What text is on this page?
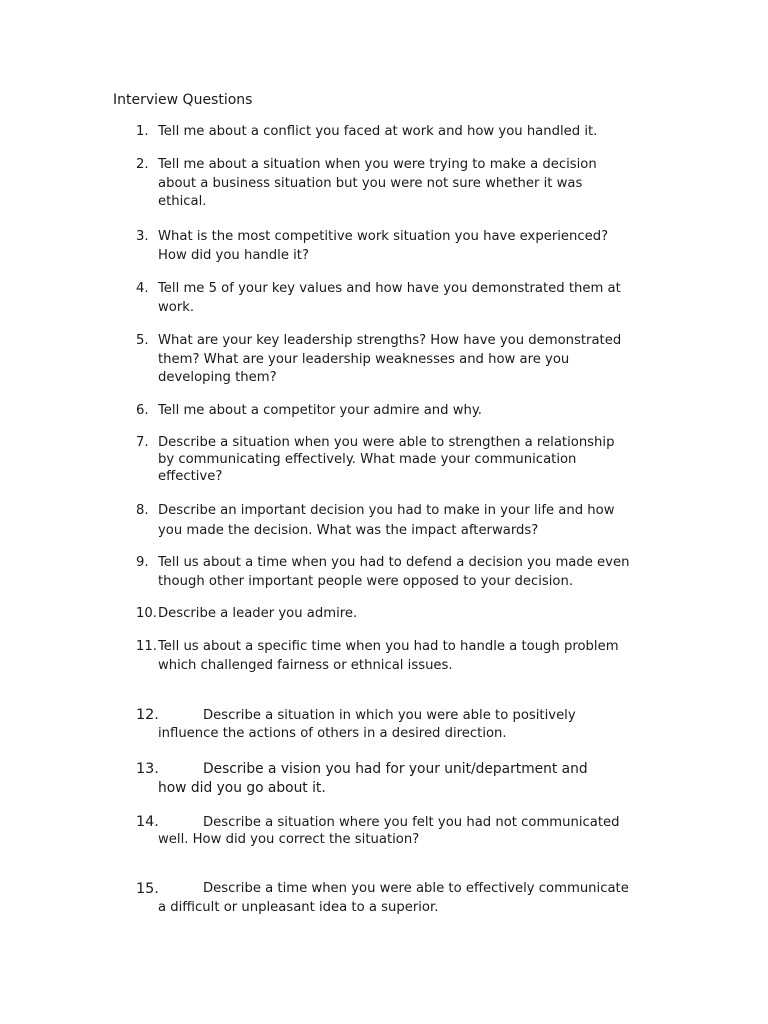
Interview Questions
1. Tell me about a conflict you faced at work and how you handled it.
2. Tell me about a situation when you were trying to make a decision
about a business situation but you were not sure whether it was
ethical.
3. What is the most competitive work situation you have experienced?
How did you handle it?
4. Tell me 5 of your key values and how have you demonstrated them at
work.
5. What are your key leadership strengths? How have you demonstrated
them? What are your leadership weaknesses and how are you
developing them?
6. Tell me about a competitor your admire and why.
7. Describe a situation when you were able to strengthen a relationship
by communicating effectively. What made your communication
effective?
8. Describe an important decision you had to make in your life and how
you made the decision. What was the impact afterwards?
9. Tell us about a time when you had to defend a decision you made even
though other important people were opposed to your decision.
10. Describe a leader you admire.
11. Tell us about a specific time when you had to handle a tough problem
which challenged fairness or ethnical issues.
12.	Describe a situation in which you were able to positively
influence the actions of others in a desired direction.
13.	Describe a vision you had for your unit/department and
how did you go about it.
14.	Describe a situation where you felt you had not communicated
well. How did you correct the situation?
15.	Describe a time when you were able to effectively communicate
a difficult or unpleasant idea to a superior.
